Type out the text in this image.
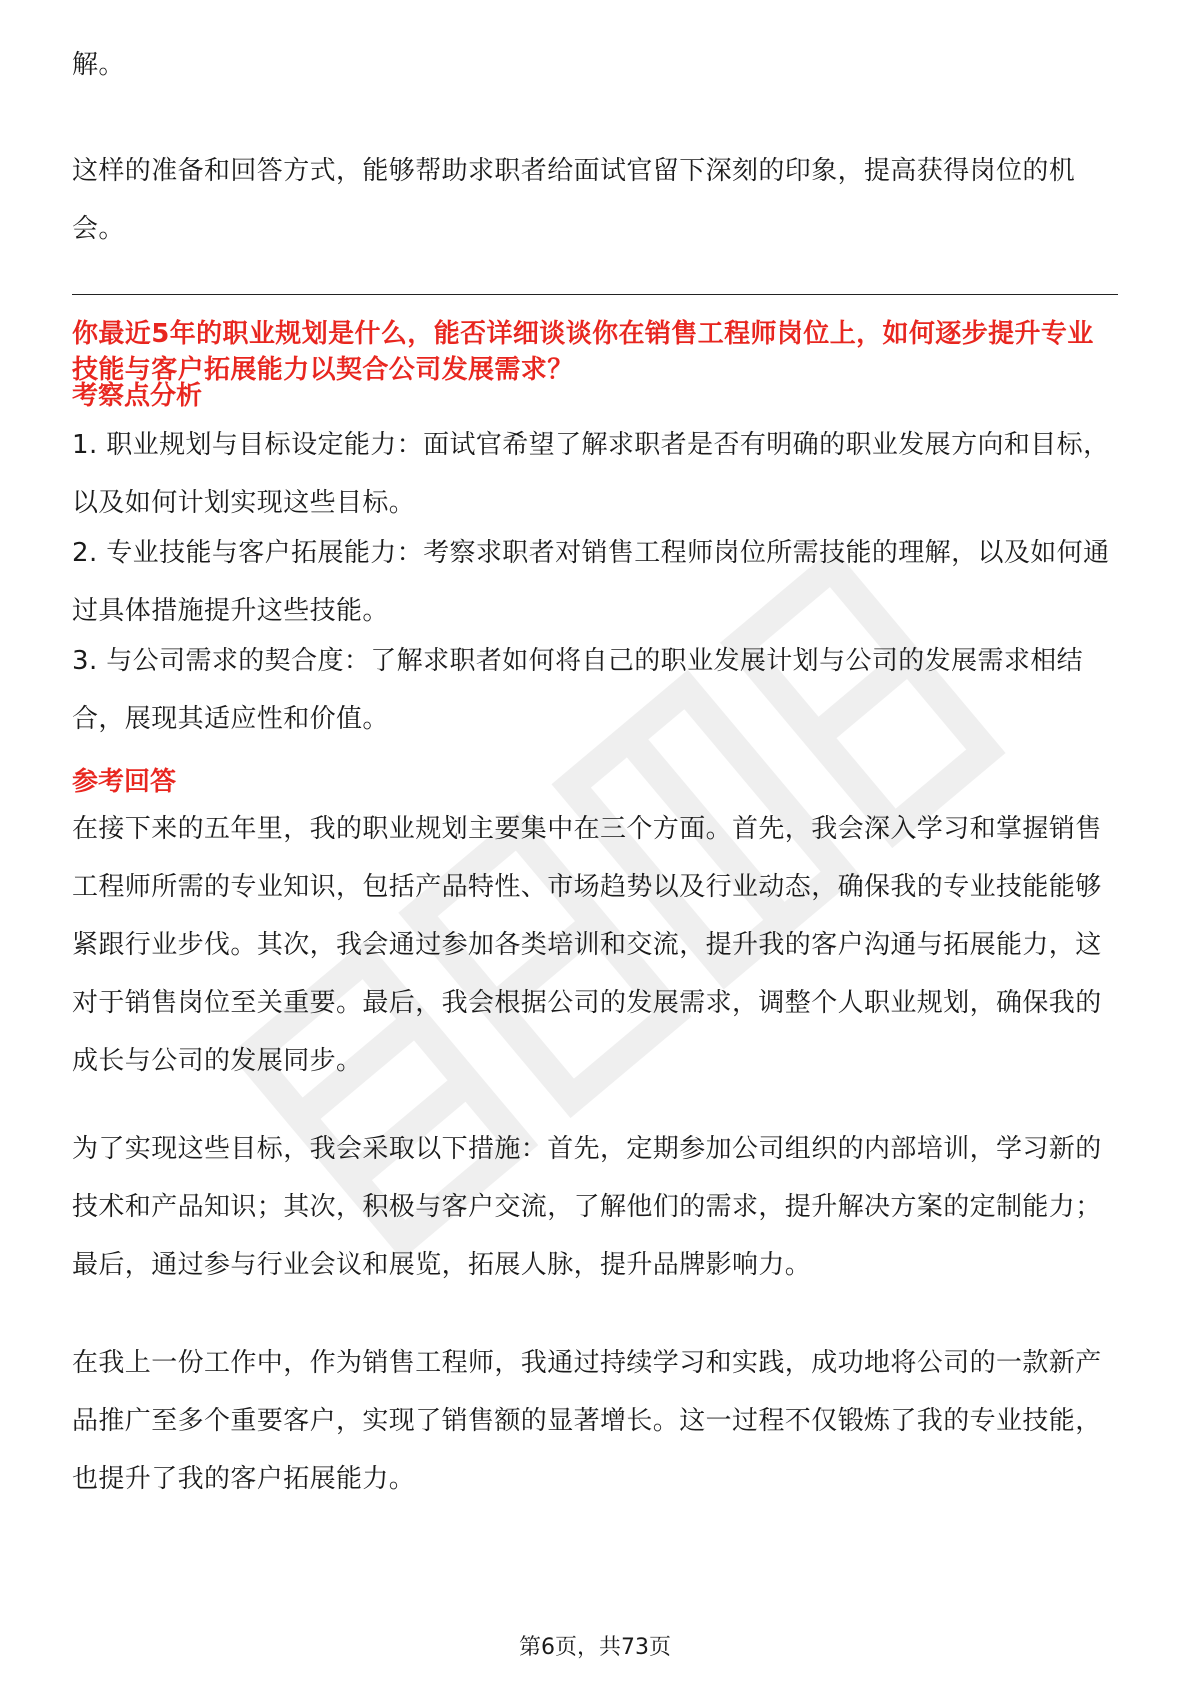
解。

这样的准备和回答方式，能够帮助求职者给面试官留下深刻的印象，提高获得岗位的机会。

你最近5年的职业规划是什么，能否详细谈谈你在销售工程师岗位上，如何逐步提升专业技能与客户拓展能力以契合公司发展需求？

考察点分析

1. 职业规划与目标设定能力：面试官希望了解求职者是否有明确的职业发展方向和目标，以及如何计划实现这些目标。

2. 专业技能与客户拓展能力：考察求职者对销售工程师岗位所需技能的理解，以及如何通过具体措施提升这些技能。

3. 与公司需求的契合度：了解求职者如何将自己的职业发展计划与公司的发展需求相结合，展现其适应性和价值。

参考回答

在接下来的五年里，我的职业规划主要集中在三个方面。首先，我会深入学习和掌握销售工程师所需的专业知识，包括产品特性、市场趋势以及行业动态，确保我的专业技能能够紧跟行业步伐。其次，我会通过参加各类培训和交流，提升我的客户沟通与拓展能力，这对于销售岗位至关重要。最后，我会根据公司的发展需求，调整个人职业规划，确保我的成长与公司的发展同步。

为了实现这些目标，我会采取以下措施：首先，定期参加公司组织的内部培训，学习新的技术和产品知识；其次，积极与客户交流，了解他们的需求，提升解决方案的定制能力；最后，通过参与行业会议和展览，拓展人脉，提升品牌影响力。

在我上一份工作中，作为销售工程师，我通过持续学习和实践，成功地将公司的一款新产品推广至多个重要客户，实现了销售额的显著增长。这一过程不仅锻炼了我的专业技能，也提升了我的客户拓展能力。

第6页，共73页
